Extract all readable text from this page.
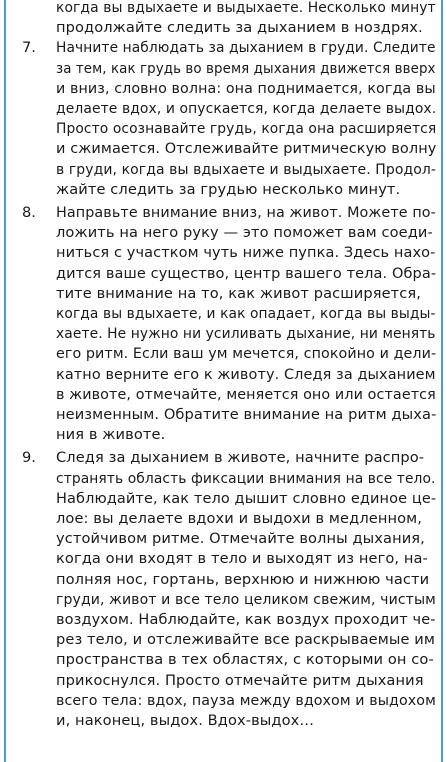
когда вы вдыхаете и выдыхаете. Несколько минут
продолжайте следить за дыханием в ноздрях.
7. Начните наблюдать за дыханием в груди. Следите
за тем, как грудь во время дыхания движется вверх
и вниз, словно волна: она поднимается, когда вы
делаете вдох, и опускается, когда делаете выдох.
Просто осознавайте грудь, когда она расширяется
и сжимается. Отслеживайте ритмическую волну
в груди, когда вы вдыхаете и выдыхаете. Продол-
жайте следить за грудью несколько минут.
8. Направьте внимание вниз, на живот. Можете по-
ложить на него руку — это поможет вам соеди-
ниться с участком чуть ниже пупка. Здесь нахо-
дится ваше существо, центр вашего тела. Обра-
тите внимание на то, как живот расширяется,
когда вы вдыхаете, и как опадает, когда вы выды-
хаете. Не нужно ни усиливать дыхание, ни менять
его ритм. Если ваш ум мечется, спокойно и дели-
катно верните его к животу. Следя за дыханием
в животе, отмечайте, меняется оно или остается
неизменным. Обратите внимание на ритм дыха-
ния в животе.
9. Следя за дыханием в животе, начните распро-
странять область фиксации внимания на все тело.
Наблюдайте, как тело дышит словно единое це-
лое: вы делаете вдохи и выдохи в медленном,
устойчивом ритме. Отмечайте волны дыхания,
когда они входят в тело и выходят из него, на-
полняя нос, гортань, верхнюю и нижнюю части
груди, живот и все тело целиком свежим, чистым
воздухом. Наблюдайте, как воздух проходит че-
рез тело, и отслеживайте все раскрываемые им
пространства в тех областях, с которыми он со-
прикоснулся. Просто отмечайте ритм дыхания
всего тела: вдох, пауза между вдохом и выдохом
и, наконец, выдох. Вдох-выдох…
